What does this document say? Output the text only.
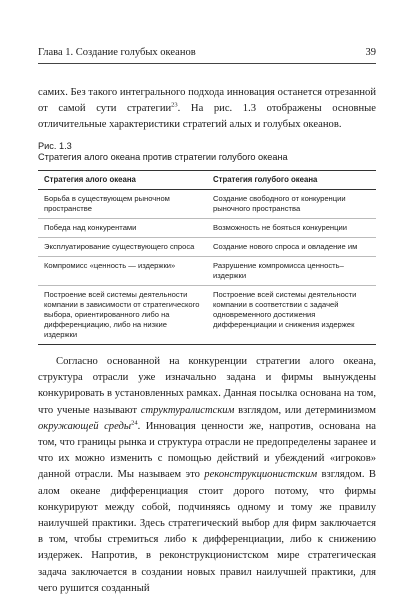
Глава 1. Создание голубых океанов	39
самих. Без такого интегрального подхода инновация останется отрезанной от самой сути стратегии$^{23}$. На рис. 1.3 отображены основные отличительные характеристики стратегий алых и голубых океанов.
Рис. 1.3
Стратегия алого океана против стратегии голубого океана
Стратегия алого океана	Стратегия голубого океана
Борьба в существующем рыночном пространстве	Создание свободного от конкуренции рыночного пространства
Победа над конкурентами	Возможность не бояться конкуренции
Эксплуатирование существующего спроса	Создание нового спроса и овладение им
Компромисс «ценность — издержки»	Разрушение компромисса ценность–издержки
Построение всей системы деятельности компании в зависимости от стратегического выбора, ориентированного либо на дифференциацию, либо на низкие издержки	Построение всей системы деятельности компании в соответствии с задачей одновременного достижения дифференциации и снижения издержек

Согласно основанной на конкуренции стратегии алого океана, структура отрасли уже изначально задана и фирмы вынуждены конкурировать в установленных рамках. Данная посылка основана на том, что ученые называют структуралистским взглядом, или детерминизмом окружающей среды$^{24}$. Инновация ценности же, напротив, основана на том, что границы рынка и структура отрасли не предопределены заранее и что их можно изменить с помощью действий и убеждений «игроков» данной отрасли. Мы называем это реконструкционистским взглядом. В алом океане дифференциация стоит дорого потому, что фирмы конкурируют между собой, подчиняясь одному и тому же правилу наилучшей практики. Здесь стратегический выбор для фирм заключается в том, чтобы стремиться либо к дифференциации, либо к снижению издержек. Напротив, в реконструкционистском мире стратегическая задача заключается в создании новых правил наилучшей практики, для чего рушится созданный
